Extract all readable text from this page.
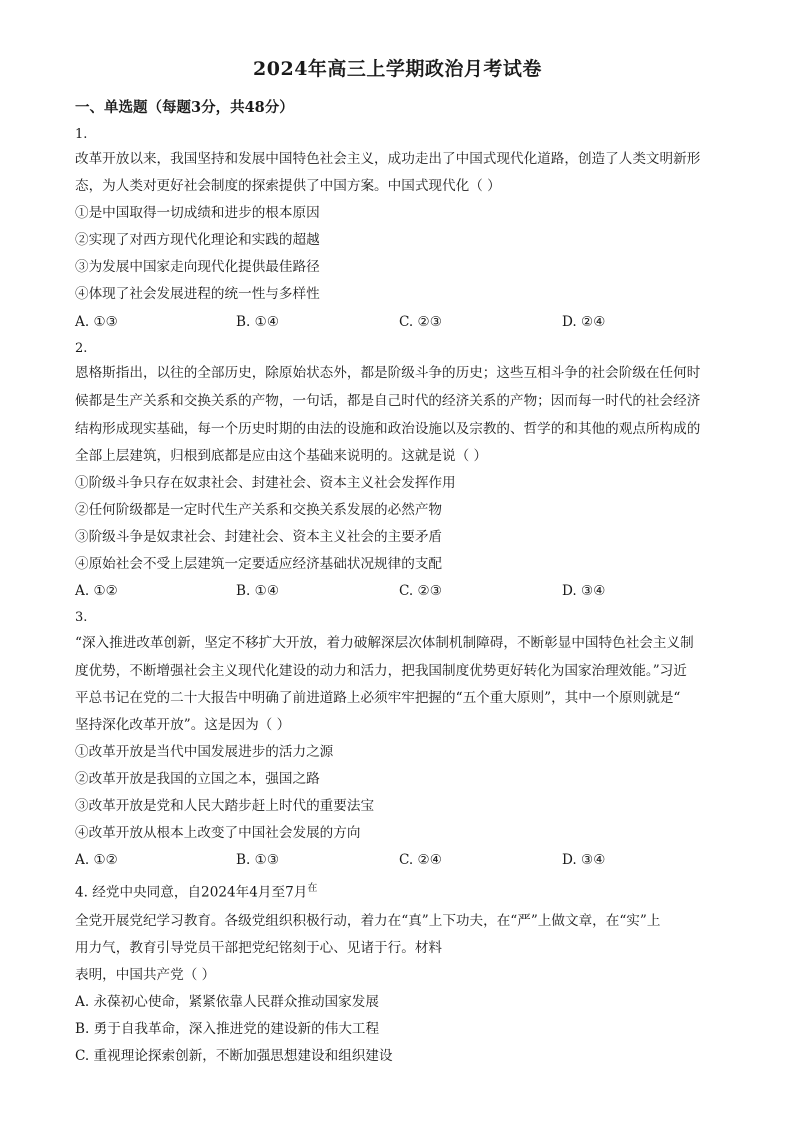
2024年高三上学期政治月考试卷
一、单选题（每题3分，共48分）
1.
改革开放以来，我国坚持和发展中国特色社会主义，成功走出了中国式现代化道路，创造了人类文明新形
态，为人类对更好社会制度的探索提供了中国方案。中国式现代化（ ）
①是中国取得一切成绩和进步的根本原因
②实现了对西方现代化理论和实践的超越
③为发展中国家走向现代化提供最佳路径
④体现了社会发展进程的统一性与多样性
A. ①③	B. ①④	C. ②③	D. ②④
2.
恩格斯指出，以往的全部历史，除原始状态外，都是阶级斗争的历史；这些互相斗争的社会阶级在任何时
候都是生产关系和交换关系的产物，一句话，都是自己时代的经济关系的产物；因而每一时代的社会经济
结构形成现实基础，每一个历史时期的由法的设施和政治设施以及宗教的、哲学的和其他的观点所构成的
全部上层建筑，归根到底都是应由这个基础来说明的。这就是说（ ）
①阶级斗争只存在奴隶社会、封建社会、资本主义社会发挥作用
②任何阶级都是一定时代生产关系和交换关系发展的必然产物
③阶级斗争是奴隶社会、封建社会、资本主义社会的主要矛盾
④原始社会不受上层建筑一定要适应经济基础状况规律的支配
A. ①②	B. ①④	C. ②③	D. ③④
3.
“深入推进改革创新，坚定不移扩大开放，着力破解深层次体制机制障碍，不断彰显中国特色社会主义制
度优势，不断增强社会主义现代化建设的动力和活力，把我国制度优势更好转化为国家治理效能。”习近
平总书记在党的二十大报告中明确了前进道路上必须牢牢把握的“五个重大原则”，其中一个原则就是“
坚持深化改革开放”。这是因为（ ）
①改革开放是当代中国发展进步的活力之源
②改革开放是我国的立国之本，强国之路
③改革开放是党和人民大踏步赶上时代的重要法宝
④改革开放从根本上改变了中国社会发展的方向
A. ①②	B. ①③	C. ②④	D. ③④
4. 经党中央同意，自2024年4月至7月$^在$
全党开展党纪学习教育。各级党组织积极行动，着力在“真”上下功夫，在“严”上做文章，在“实”上
用力气，教育引导党员干部把党纪铭刻于心、见诸于行。材料
表明，中国共产党（ ）
A. 永葆初心使命，紧紧依靠人民群众推动国家发展
B. 勇于自我革命，深入推进党的建设新的伟大工程
C. 重视理论探索创新，不断加强思想建设和组织建设
